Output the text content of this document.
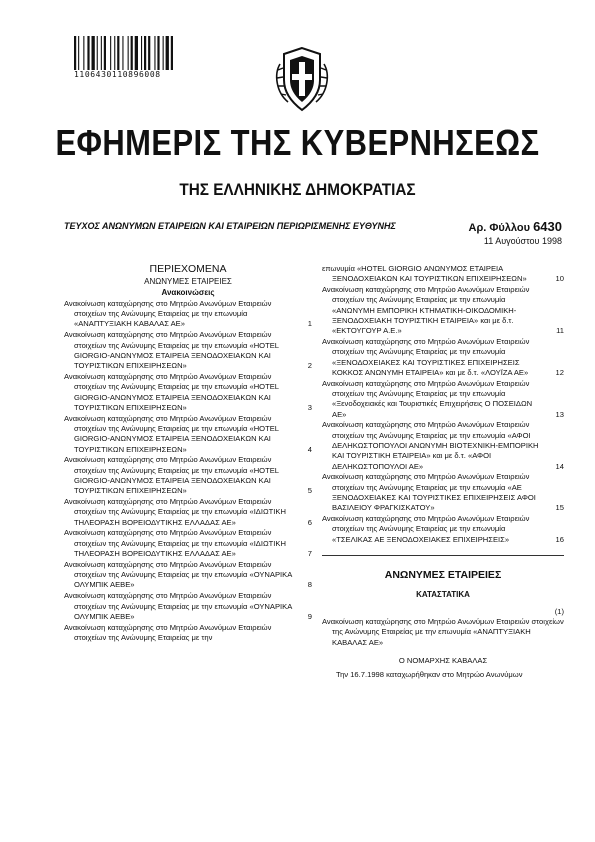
1106430110896008
ΕΦΗΜΕΡΙΣ ΤΗΣ ΚΥΒΕΡΝΗΣΕΩΣ
ΤΗΣ ΕΛΛΗΝΙΚΗΣ ΔΗΜΟΚΡΑΤΙΑΣ
ΤΕΥΧΟΣ ΑΝΩΝΥΜΩΝ ΕΤΑΙΡΕΙΩΝ ΚΑΙ ΕΤΑΙΡΕΙΩΝ ΠΕΡΙΩΡΙΣΜΕΝΗΣ ΕΥΘΥΝΗΣ	Αρ. Φύλλου 6430
11 Αυγούστου 1998
ΠΕΡΙΕΧΟΜΕΝΑ
ΑΝΩΝΥΜΕΣ ΕΤΑΙΡΕΙΕΣ
Ανακοινώσεις
Ανακοίνωση καταχώρησης στο Μητρώο Ανωνύμων Εταιρειών στοιχείων της Ανώνυμης Εταιρείας με την επωνυμία «ΑΝΑΠΤΥΞΙΑΚΗ ΚΑΒΑΛΑΣ ΑΕ»	1
Ανακοίνωση καταχώρησης στο Μητρώο Ανωνύμων Εταιρειών στοιχείων της Ανώνυμης Εταιρείας με την επωνυμία «HOTEL GIORGIO-ΑΝΩΝΥΜΟΣ ΕΤΑΙΡΕΙΑ ΞΕΝΟΔΟΧΕΙΑΚΩΝ ΚΑΙ ΤΟΥΡΙΣΤΙΚΩΝ ΕΠΙΧΕΙΡΗΣΕΩΝ»	2
Ανακοίνωση καταχώρησης στο Μητρώο Ανωνύμων Εταιρειών στοιχείων της Ανώνυμης Εταιρείας με την επωνυμία «HOTEL GIORGIO-ΑΝΩΝΥΜΟΣ ΕΤΑΙΡΕΙΑ ΞΕΝΟΔΟΧΕΙΑΚΩΝ ΚΑΙ ΤΟΥΡΙΣΤΙΚΩΝ ΕΠΙΧΕΙΡΗΣΕΩΝ»	3
Ανακοίνωση καταχώρησης στο Μητρώο Ανωνύμων Εταιρειών στοιχείων της Ανώνυμης Εταιρείας με την επωνυμία «HOTEL GIORGIO-ΑΝΩΝΥΜΟΣ ΕΤΑΙΡΕΙΑ ΞΕΝΟΔΟΧΕΙΑΚΩΝ ΚΑΙ ΤΟΥΡΙΣΤΙΚΩΝ ΕΠΙΧΕΙΡΗΣΕΩΝ»	4
Ανακοίνωση καταχώρησης στο Μητρώο Ανωνύμων Εταιρειών στοιχείων της Ανώνυμης Εταιρείας με την επωνυμία «HOTEL GIORGIO-ΑΝΩΝΥΜΟΣ ΕΤΑΙΡΕΙΑ ΞΕΝΟΔΟΧΕΙΑΚΩΝ ΚΑΙ ΤΟΥΡΙΣΤΙΚΩΝ ΕΠΙΧΕΙΡΗΣΕΩΝ»	5
Ανακοίνωση καταχώρησης στο Μητρώο Ανωνύμων Εταιρειών στοιχείων της Ανώνυμης Εταιρείας με την επωνυμία «ΙΔΙΩΤΙΚΗ ΤΗΛΕΟΡΑΣΗ ΒΟΡΕΙΟΔΥΤΙΚΗΣ ΕΛΛΑΔΑΣ ΑΕ»	6
Ανακοίνωση καταχώρησης στο Μητρώο Ανωνύμων Εταιρειών στοιχείων της Ανώνυμης Εταιρείας με την επωνυμία «ΙΔΙΩΤΙΚΗ ΤΗΛΕΟΡΑΣΗ ΒΟΡΕΙΟΔΥΤΙΚΗΣ ΕΛΛΑΔΑΣ ΑΕ»	7
Ανακοίνωση καταχώρησης στο Μητρώο Ανωνύμων Εταιρειών στοιχείων της Ανώνυμης Εταιρείας με την επωνυμία «ΟΥΝΑΡΙΚΑ ΟΛΥΜΠΙΚ ΑΕΒΕ»	8
Ανακοίνωση καταχώρησης στο Μητρώο Ανωνύμων Εταιρειών στοιχείων της Ανώνυμης Εταιρείας με την επωνυμία «ΟΥΝΑΡΙΚΑ ΟΛΥΜΠΙΚ ΑΕΒΕ»	9
Ανακοίνωση καταχώρησης στο Μητρώο Ανωνύμων Εταιρειών στοιχείων της Ανώνυμης Εταιρείας με την
επωνυμία «HOTEL GIORGIO ΑΝΩΝΥΜΟΣ ΕΤΑΙΡΕΙΑ ΞΕΝΟΔΟΧΕΙΑΚΩΝ ΚΑΙ ΤΟΥΡΙΣΤΙΚΩΝ ΕΠΙΧΕΙΡΗΣΕΩΝ»	10
Ανακοίνωση καταχώρησης στο Μητρώο Ανωνύμων Εταιρειών στοιχείων της Ανώνυμης Εταιρείας με την επωνυμία «ΑΝΩΝΥΜΗ ΕΜΠΟΡΙΚΗ ΚΤΗΜΑΤΙΚΗ-ΟΙΚΟΔΟΜΙΚΗ-ΞΕΝΟΔΟΧΕΙΑΚΗ ΤΟΥΡΙΣΤΙΚΗ ΕΤΑΙΡΕΙΑ» και με δ.τ. «ΕΚΤΟΥΓΟΥΡ Α.Ε.»	11
Ανακοίνωση καταχώρησης στο Μητρώο Ανωνύμων Εταιρειών στοιχείων της Ανώνυμης Εταιρείας με την επωνυμία «ΞΕΝΟΔΟΧΕΙΑΚΕΣ ΚΑΙ ΤΟΥΡΙΣΤΙΚΕΣ ΕΠΙΧΕΙΡΗΣΕΙΣ ΚΟΚΚΟΣ ΑΝΩΝΥΜΗ ΕΤΑΙΡΕΙΑ» και με δ.τ. «ΛΟΥΪΖΑ ΑΕ»	12
Ανακοίνωση καταχώρησης στο Μητρώο Ανωνύμων Εταιρειών στοιχείων της Ανώνυμης Εταιρείας με την επωνυμία «Ξενοδοχειακές και Τουριστικές Επιχειρήσεις Ο ΠΟΣΕΙΔΩΝ ΑΕ»	13
Ανακοίνωση καταχώρησης στο Μητρώο Ανωνύμων Εταιρειών στοιχείων της Ανώνυμης Εταιρείας με την επωνυμία «ΑΦΟΙ ΔΕΛΗΚΩΣΤΟΠΟΥΛΟΙ ΑΝΩΝΥΜΗ ΒΙΟΤΕΧΝΙΚΗ-ΕΜΠΟΡΙΚΗ ΚΑΙ ΤΟΥΡΙΣΤΙΚΗ ΕΤΑΙΡΕΙΑ» και με δ.τ. «ΑΦΟΙ ΔΕΛΗΚΩΣΤΟΠΟΥΛΟΙ ΑΕ»	14
Ανακοίνωση καταχώρησης στο Μητρώο Ανωνύμων Εταιρειών στοιχείων της Ανώνυμης Εταιρείας με την επωνυμία «ΑΕ ΞΕΝΟΔΟΧΕΙΑΚΕΣ ΚΑΙ ΤΟΥΡΙΣΤΙΚΕΣ ΕΠΙΧΕΙΡΗΣΕΙΣ ΑΦΟΙ ΒΑΣΙΛΕΙΟΥ ΦΡΑΓΚΙΣΚΑΤΟΥ»	15
Ανακοίνωση καταχώρησης στο Μητρώο Ανωνύμων Εταιρειών στοιχείων της Ανώνυμης Εταιρείας με την επωνυμία «ΤΣΕΛΙΚΑΣ ΑΕ ΞΕΝΟΔΟΧΕΙΑΚΕΣ ΕΠΙΧΕΙΡΗΣΕΙΣ»	16
ΑΝΩΝΥΜΕΣ ΕΤΑΙΡΕΙΕΣ
ΚΑΤΑΣΤΑΤΙΚΑ
(1)
Ανακοίνωση καταχώρησης στο Μητρώο Ανωνύμων Εταιρειών στοιχείων της Ανώνυμης Εταιρείας με την επωνυμία «ΑΝΑΠΤΥΞΙΑΚΗ ΚΑΒΑΛΑΣ ΑΕ»
Ο ΝΟΜΑΡΧΗΣ ΚΑΒΑΛΑΣ
Την 16.7.1998 καταχωρήθηκαν στο Μητρώο Ανωνύμων
